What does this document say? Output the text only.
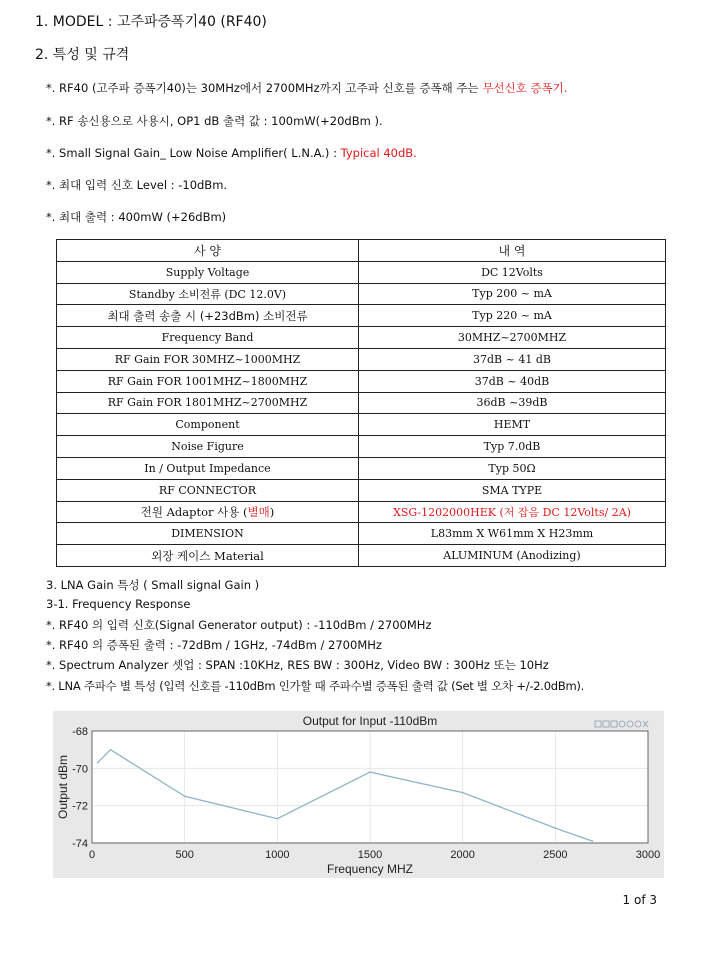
1. MODEL : 고주파증폭기40 (RF40)
2. 특성 및 규격
*. RF40 (고주파 증폭기40)는 30MHz에서 2700MHz까지 고주파 신호를 증폭해 주는 무선신호 증폭기.
*. RF 송신용으로 사용시, OP1 dB 출력 값 : 100mW(+20dBm ).
*. Small Signal Gain_ Low Noise Amplifier( L.N.A.) : Typical 40dB.
*. 최대 입력 신호 Level : -10dBm.
*. 최대 출력 : 400mW (+26dBm)
사 양	내 역
Supply Voltage	DC 12Volts
Standby 소비전류 (DC 12.0V)	Typ 200 ~ mA
최대 출력 송출 시 (+23dBm) 소비전류	Typ 220 ~ mA
Frequency Band	30MHZ~2700MHZ
RF Gain FOR 30MHZ~1000MHZ	37dB ~ 41 dB
RF Gain FOR 1001MHZ~1800MHZ	37dB ~ 40dB
RF Gain FOR 1801MHZ~2700MHZ	36dB ~39dB
Component	HEMT
Noise Figure	Typ 7.0dB
In / Output Impedance	Typ 50Ω
RF CONNECTOR	SMA TYPE
전원 Adaptor 사용 (별매)	XSG-1202000HEK (저 잡음 DC 12Volts/ 2A)
DIMENSION	L83mm X W61mm X H23mm
외장 케이스 Material	ALUMINUM (Anodizing)
3. LNA Gain 특성 ( Small signal Gain )
3-1. Frequency Response
*. RF40 의 입력 신호(Signal Generator output) : -110dBm / 2700MHz
*. RF40 의 증폭된 출력 : -72dBm / 1GHz, -74dBm / 2700MHz
*. Spectrum Analyzer 셋업 : SPAN :10KHz, RES BW : 300Hz, Video BW : 300Hz 또는 10Hz
*. LNA 주파수 별 특성 (입력 신호를 -110dBm 인가할 때 주파수별 증폭된 출력 값 (Set 별 오차 +/-2.0dBm).
0	500	1000	1500	2000	2500	3000
-68
-70
-72
-74
Output for Input -110dBm
Frequency MHZ
Output dBm
1 of 3
